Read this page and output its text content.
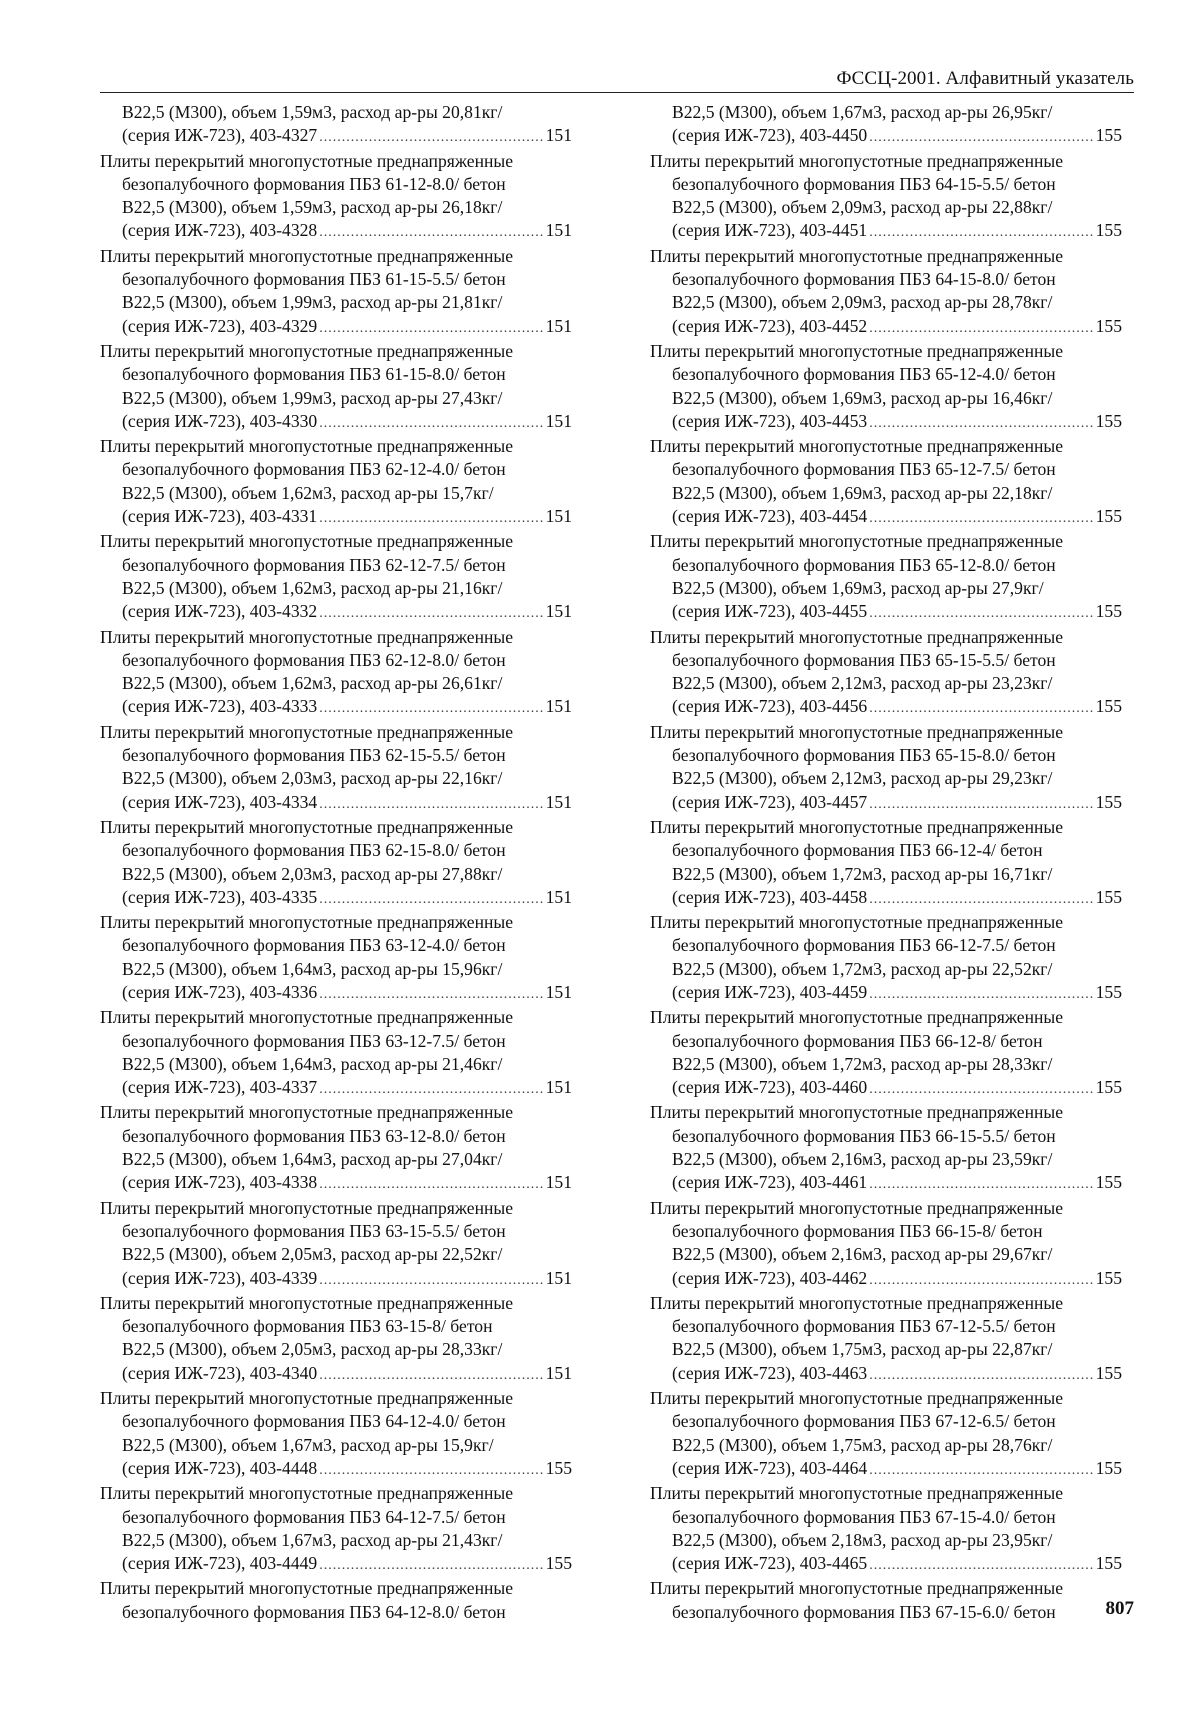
ФССЦ-2001. Алфавитный указатель
В22,5 (М300), объем 1,59м3, расход ар-ры 20,81кг/
(серия ИЖ-723), 403-4327 .....	151
Плиты перекрытий многопустотные преднапряженные
безопалубочного формования ПБЗ 61-12-8.0/ бетон
В22,5 (М300), объем 1,59м3, расход ар-ры 26,18кг/
(серия ИЖ-723), 403-4328 .....	151
Плиты перекрытий многопустотные преднапряженные
безопалубочного формования ПБЗ 61-15-5.5/ бетон
В22,5 (М300), объем 1,99м3, расход ар-ры 21,81кг/
(серия ИЖ-723), 403-4329 .....	151
Плиты перекрытий многопустотные преднапряженные
безопалубочного формования ПБЗ 61-15-8.0/ бетон
В22,5 (М300), объем 1,99м3, расход ар-ры 27,43кг/
(серия ИЖ-723), 403-4330 .....	151
Плиты перекрытий многопустотные преднапряженные
безопалубочного формования ПБЗ 62-12-4.0/ бетон
В22,5 (М300), объем 1,62м3, расход ар-ры 15,7кг/
(серия ИЖ-723), 403-4331 .....	151
Плиты перекрытий многопустотные преднапряженные
безопалубочного формования ПБЗ 62-12-7.5/ бетон
В22,5 (М300), объем 1,62м3, расход ар-ры 21,16кг/
(серия ИЖ-723), 403-4332 .....	151
Плиты перекрытий многопустотные преднапряженные
безопалубочного формования ПБЗ 62-12-8.0/ бетон
В22,5 (М300), объем 1,62м3, расход ар-ры 26,61кг/
(серия ИЖ-723), 403-4333 .....	151
Плиты перекрытий многопустотные преднапряженные
безопалубочного формования ПБЗ 62-15-5.5/ бетон
В22,5 (М300), объем 2,03м3, расход ар-ры 22,16кг/
(серия ИЖ-723), 403-4334 .....	151
Плиты перекрытий многопустотные преднапряженные
безопалубочного формования ПБЗ 62-15-8.0/ бетон
В22,5 (М300), объем 2,03м3, расход ар-ры 27,88кг/
(серия ИЖ-723), 403-4335 .....	151
Плиты перекрытий многопустотные преднапряженные
безопалубочного формования ПБЗ 63-12-4.0/ бетон
В22,5 (М300), объем 1,64м3, расход ар-ры 15,96кг/
(серия ИЖ-723), 403-4336 .....	151
Плиты перекрытий многопустотные преднапряженные
безопалубочного формования ПБЗ 63-12-7.5/ бетон
В22,5 (М300), объем 1,64м3, расход ар-ры 21,46кг/
(серия ИЖ-723), 403-4337 .....	151
Плиты перекрытий многопустотные преднапряженные
безопалубочного формования ПБЗ 63-12-8.0/ бетон
В22,5 (М300), объем 1,64м3, расход ар-ры 27,04кг/
(серия ИЖ-723), 403-4338 .....	151
Плиты перекрытий многопустотные преднапряженные
безопалубочного формования ПБЗ 63-15-5.5/ бетон
В22,5 (М300), объем 2,05м3, расход ар-ры 22,52кг/
(серия ИЖ-723), 403-4339 .....	151
Плиты перекрытий многопустотные преднапряженные
безопалубочного формования ПБЗ 63-15-8/ бетон
В22,5 (М300), объем 2,05м3, расход ар-ры 28,33кг/
(серия ИЖ-723), 403-4340 .....	151
Плиты перекрытий многопустотные преднапряженные
безопалубочного формования ПБЗ 64-12-4.0/ бетон
В22,5 (М300), объем 1,67м3, расход ар-ры 15,9кг/
(серия ИЖ-723), 403-4448 .....	155
Плиты перекрытий многопустотные преднапряженные
безопалубочного формования ПБЗ 64-12-7.5/ бетон
В22,5 (М300), объем 1,67м3, расход ар-ры 21,43кг/
(серия ИЖ-723), 403-4449 .....	155
Плиты перекрытий многопустотные преднапряженные
безопалубочного формования ПБЗ 64-12-8.0/ бетон
В22,5 (М300), объем 1,67м3, расход ар-ры 26,95кг/
(серия ИЖ-723), 403-4450 .....	155
Плиты перекрытий многопустотные преднапряженные
безопалубочного формования ПБЗ 64-15-5.5/ бетон
В22,5 (М300), объем 2,09м3, расход ар-ры 22,88кг/
(серия ИЖ-723), 403-4451 .....	155
Плиты перекрытий многопустотные преднапряженные
безопалубочного формования ПБЗ 64-15-8.0/ бетон
В22,5 (М300), объем 2,09м3, расход ар-ры 28,78кг/
(серия ИЖ-723), 403-4452 .....	155
Плиты перекрытий многопустотные преднапряженные
безопалубочного формования ПБЗ 65-12-4.0/ бетон
В22,5 (М300), объем 1,69м3, расход ар-ры 16,46кг/
(серия ИЖ-723), 403-4453 .....	155
Плиты перекрытий многопустотные преднапряженные
безопалубочного формования ПБЗ 65-12-7.5/ бетон
В22,5 (М300), объем 1,69м3, расход ар-ры 22,18кг/
(серия ИЖ-723), 403-4454 .....	155
Плиты перекрытий многопустотные преднапряженные
безопалубочного формования ПБЗ 65-12-8.0/ бетон
В22,5 (М300), объем 1,69м3, расход ар-ры 27,9кг/
(серия ИЖ-723), 403-4455 .....	155
Плиты перекрытий многопустотные преднапряженные
безопалубочного формования ПБЗ 65-15-5.5/ бетон
В22,5 (М300), объем 2,12м3, расход ар-ры 23,23кг/
(серия ИЖ-723), 403-4456 .....	155
Плиты перекрытий многопустотные преднапряженные
безопалубочного формования ПБЗ 65-15-8.0/ бетон
В22,5 (М300), объем 2,12м3, расход ар-ры 29,23кг/
(серия ИЖ-723), 403-4457 .....	155
Плиты перекрытий многопустотные преднапряженные
безопалубочного формования ПБЗ 66-12-4/ бетон
В22,5 (М300), объем 1,72м3, расход ар-ры 16,71кг/
(серия ИЖ-723), 403-4458 .....	155
Плиты перекрытий многопустотные преднапряженные
безопалубочного формования ПБЗ 66-12-7.5/ бетон
В22,5 (М300), объем 1,72м3, расход ар-ры 22,52кг/
(серия ИЖ-723), 403-4459 .....	155
Плиты перекрытий многопустотные преднапряженные
безопалубочного формования ПБЗ 66-12-8/ бетон
В22,5 (М300), объем 1,72м3, расход ар-ры 28,33кг/
(серия ИЖ-723), 403-4460 .....	155
Плиты перекрытий многопустотные преднапряженные
безопалубочного формования ПБЗ 66-15-5.5/ бетон
В22,5 (М300), объем 2,16м3, расход ар-ры 23,59кг/
(серия ИЖ-723), 403-4461 .....	155
Плиты перекрытий многопустотные преднапряженные
безопалубочного формования ПБЗ 66-15-8/ бетон
В22,5 (М300), объем 2,16м3, расход ар-ры 29,67кг/
(серия ИЖ-723), 403-4462 .....	155
Плиты перекрытий многопустотные преднапряженные
безопалубочного формования ПБЗ 67-12-5.5/ бетон
В22,5 (М300), объем 1,75м3, расход ар-ры 22,87кг/
(серия ИЖ-723), 403-4463 .....	155
Плиты перекрытий многопустотные преднапряженные
безопалубочного формования ПБЗ 67-12-6.5/ бетон
В22,5 (М300), объем 1,75м3, расход ар-ры 28,76кг/
(серия ИЖ-723), 403-4464 .....	155
Плиты перекрытий многопустотные преднапряженные
безопалубочного формования ПБЗ 67-15-4.0/ бетон
В22,5 (М300), объем 2,18м3, расход ар-ры 23,95кг/
(серия ИЖ-723), 403-4465 .....	155
Плиты перекрытий многопустотные преднапряженные
безопалубочного формования ПБЗ 67-15-6.0/ бетон	807
